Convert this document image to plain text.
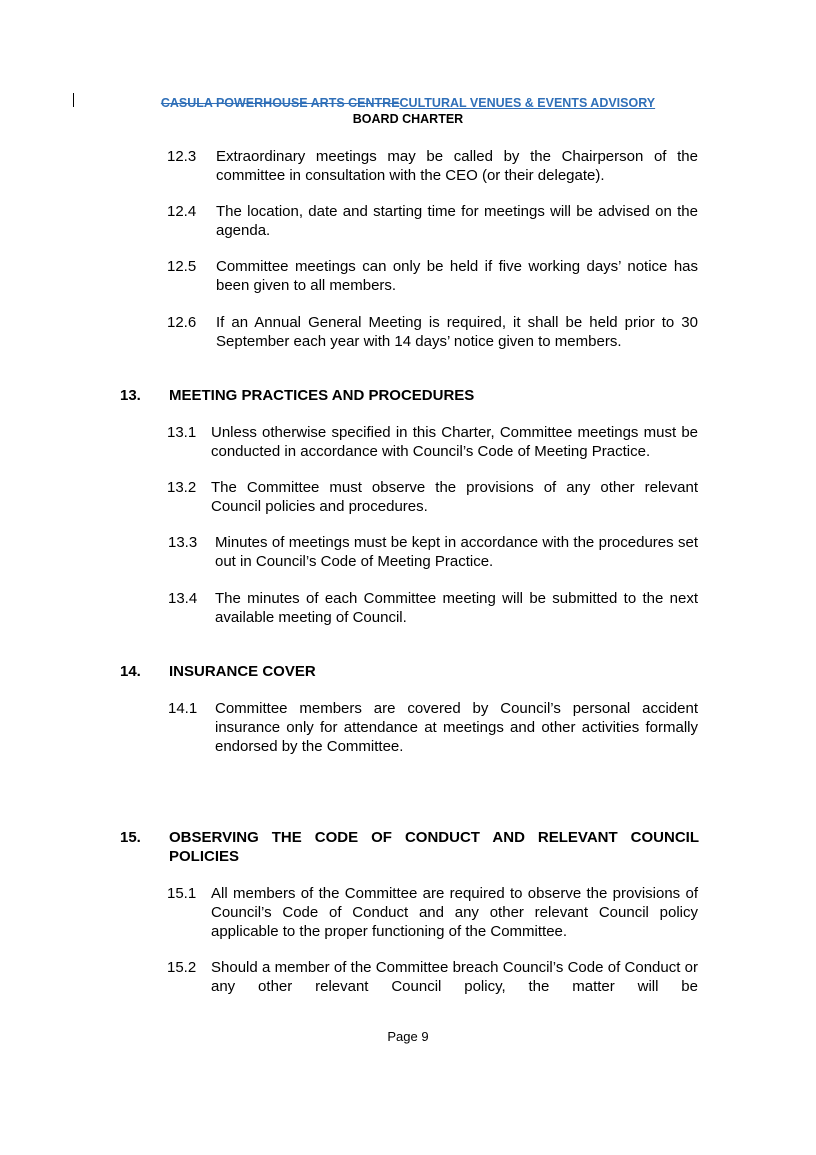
CASULA POWERHOUSE ARTS CENTRECULTURAL VENUES & EVENTS ADVISORY
BOARD CHARTER
12.3 Extraordinary meetings may be called by the Chairperson of the committee in consultation with the CEO (or their delegate).
12.4 The location, date and starting time for meetings will be advised on the agenda.
12.5 Committee meetings can only be held if five working days’ notice has been given to all members.
12.6 If an Annual General Meeting is required, it shall be held prior to 30 September each year with 14 days’ notice given to members.
13. MEETING PRACTICES AND PROCEDURES
13.1 Unless otherwise specified in this Charter, Committee meetings must be conducted in accordance with Council’s Code of Meeting Practice.
13.2 The Committee must observe the provisions of any other relevant Council policies and procedures.
13.3 Minutes of meetings must be kept in accordance with the procedures set out in Council’s Code of Meeting Practice.
13.4 The minutes of each Committee meeting will be submitted to the next available meeting of Council.
14. INSURANCE COVER
14.1 Committee members are covered by Council’s personal accident insurance only for attendance at meetings and other activities formally endorsed by the Committee.
15. OBSERVING THE CODE OF CONDUCT AND RELEVANT COUNCIL POLICIES
15.1 All members of the Committee are required to observe the provisions of Council’s Code of Conduct and any other relevant Council policy applicable to the proper functioning of the Committee.
15.2 Should a member of the Committee breach Council’s Code of Conduct or any other relevant Council policy, the matter will be
Page 9
